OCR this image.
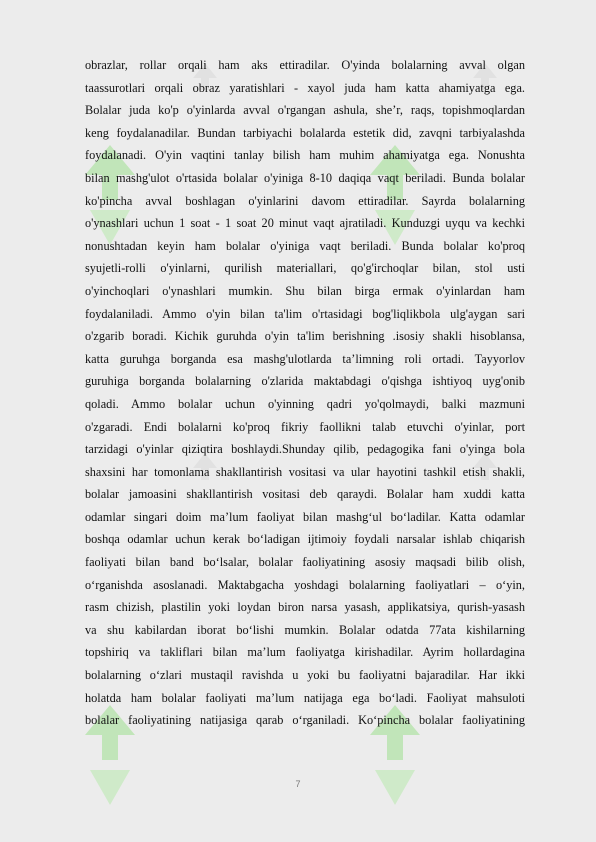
obrazlar, rollar orqali ham aks ettiradilar. O'yinda bolalarning avval olgan
taassurotlari orqali obraz yaratishlari - xayol juda ham katta ahamiyatga ega.
Bolalar juda ko'p o'yinlarda avval o'rgangan ashula, she’r, raqs, topishmoqlardan
keng foydalanadilar. Bundan tarbiyachi bolalarda estetik did, zavqni tarbiyalashda
foydalanadi. O'yin vaqtini tanlay bilish ham muhim ahamiyatga ega. Nonushta
bilan mashg'ulot o'rtasida bolalar o'yiniga 8-10 daqiqa vaqt beriladi. Bunda bolalar
ko'pincha avval boshlagan o'yinlarini davom ettiradilar. Sayrda bolalarning
o'ynashlari uchun 1 soat - 1 soat 20 minut vaqt ajratiladi. Kunduzgi uyqu va kechki
nonushtadan keyin ham bolalar o'yiniga vaqt beriladi. Bunda bolalar ko'proq
syujetli-rolli o'yinlarni, qurilish materiallari, qo'g'irchoqlar bilan, stol usti
o'yinchoqlari o'ynashlari mumkin. Shu bilan birga ermak o'yinlardan ham
foydalaniladi. Ammo o'yin bilan ta'lim o'rtasidagi bog'liqlikbola ulg'aygan sari
o'zgarib boradi. Kichik guruhda o'yin ta'lim berishning .isosiy shakli hisoblansa,
katta guruhga borganda esa mashg'ulotlarda ta’limning roli ortadi. Tayyorlov
guruhiga borganda bolalarning o'zlarida maktabdagi o'qishga ishtiyoq uyg'onib
qoladi. Ammo bolalar uchun o'yinning qadri yo'qolmaydi, balki mazmuni
o'zgaradi. Endi bolalarni ko'proq fikriy faollikni talab etuvchi o'yinlar, port
tarzidagi o'yinlar qiziqtira boshlaydi.Shunday qilib, pedagogika fani o'yinga bola
shaxsini har tomonlama shakllantirish vositasi va ular hayotini tashkil etish shakli,
bolalar jamoasini shakllantirish vositasi deb qaraydi. Bolalar ham xuddi katta
odamlar singari doim ma’lum faoliyat bilan mashg‘ul bo‘ladilar. Katta odamlar
boshqa odamlar uchun kerak bo‘ladigan ijtimoiy foydali narsalar ishlab chiqarish
faoliyati bilan band bo‘lsalar, bolalar faoliyatining asosiy maqsadi bilib olish,
o‘rganishda asoslanadi. Maktabgacha yoshdagi bolalarning faoliyatlari – o‘yin,
rasm chizish, plastilin yoki loydan biron narsa yasash, applikatsiya, qurish-yasash
va shu kabilardan iborat bo‘lishi mumkin. Bolalar odatda 77ata kishilarning
topshiriq va takliflari bilan ma’lum faoliyatga kirishadilar. Ayrim hollardagina
bolalarning o‘zlari mustaqil ravishda u yoki bu faoliyatni bajaradilar. Har ikki
holatda ham bolalar faoliyati ma’lum natijaga ega bo‘ladi. Faoliyat mahsuloti
bolalar faoliyatining natijasiga qarab o‘rganiladi. Ko‘pincha bolalar faoliyatining
7
